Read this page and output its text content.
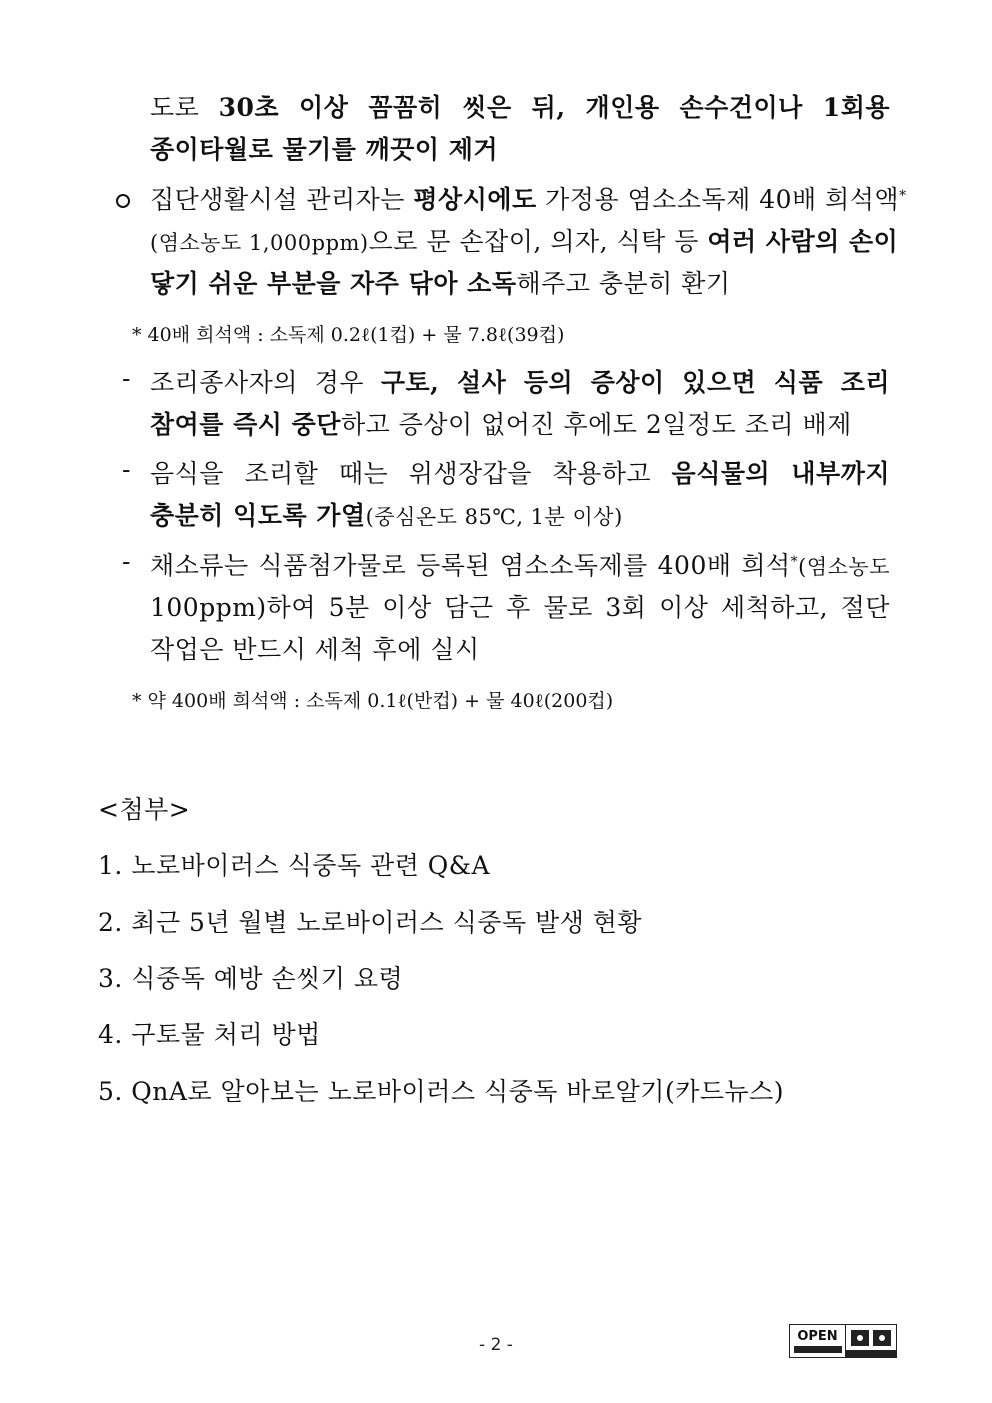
도로 30초 이상 꼼꼼히 씻은 뒤, 개인용 손수건이나 1회용
종이타월로 물기를 깨끗이 제거
집단생활시설 관리자는 평상시에도 가정용 염소소독제 40배 희석액*
(염소농도 1,000ppm)으로 문 손잡이, 의자, 식탁 등 여러 사람의 손이
닿기 쉬운 부분을 자주 닦아 소독해주고 충분히 환기
* 40배 희석액 : 소독제 0.2ℓ(1컵) + 물 7.8ℓ(39컵)
- 조리종사자의 경우 구토, 설사 등의 증상이 있으면 식품 조리
참여를 즉시 중단하고 증상이 없어진 후에도 2일정도 조리 배제
- 음식을 조리할 때는 위생장갑을 착용하고 음식물의 내부까지
충분히 익도록 가열(중심온도 85℃, 1분 이상)
- 채소류는 식품첨가물로 등록된 염소소독제를 400배 희석*(염소농도
100ppm)하여 5분 이상 담근 후 물로 3회 이상 세척하고, 절단
작업은 반드시 세척 후에 실시
* 약 400배 희석액 : 소독제 0.1ℓ(반컵) + 물 40ℓ(200컵)
<첨부>
1. 노로바이러스 식중독 관련 Q&A
2. 최근 5년 월별 노로바이러스 식중독 발생 현황
3. 식중독 예방 손씻기 요령
4. 구토물 처리 방법
5. QnA로 알아보는 노로바이러스 식중독 바로알기(카드뉴스)
- 2 -	OPEN
